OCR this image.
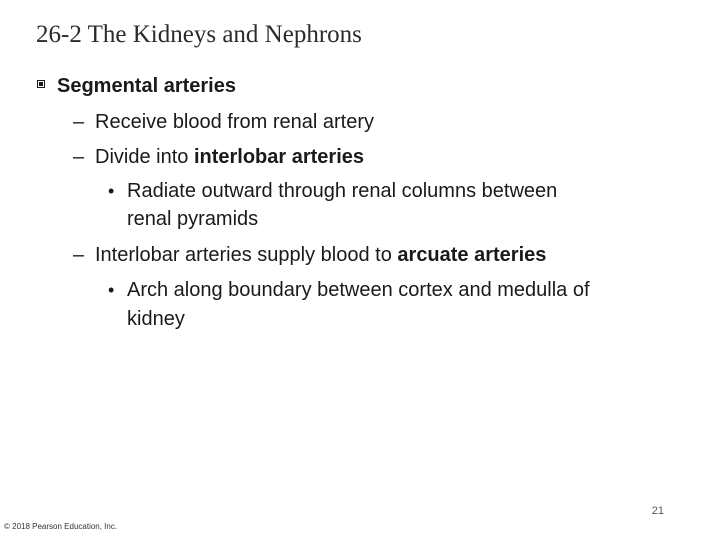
26-2 The Kidneys and Nephrons
Segmental arteries
– Receive blood from renal artery
– Divide into interlobar arteries
• Radiate outward through renal columns between
renal pyramids
– Interlobar arteries supply blood to arcuate arteries
• Arch along boundary between cortex and medulla of
kidney
21
© 2018 Pearson Education, Inc.
